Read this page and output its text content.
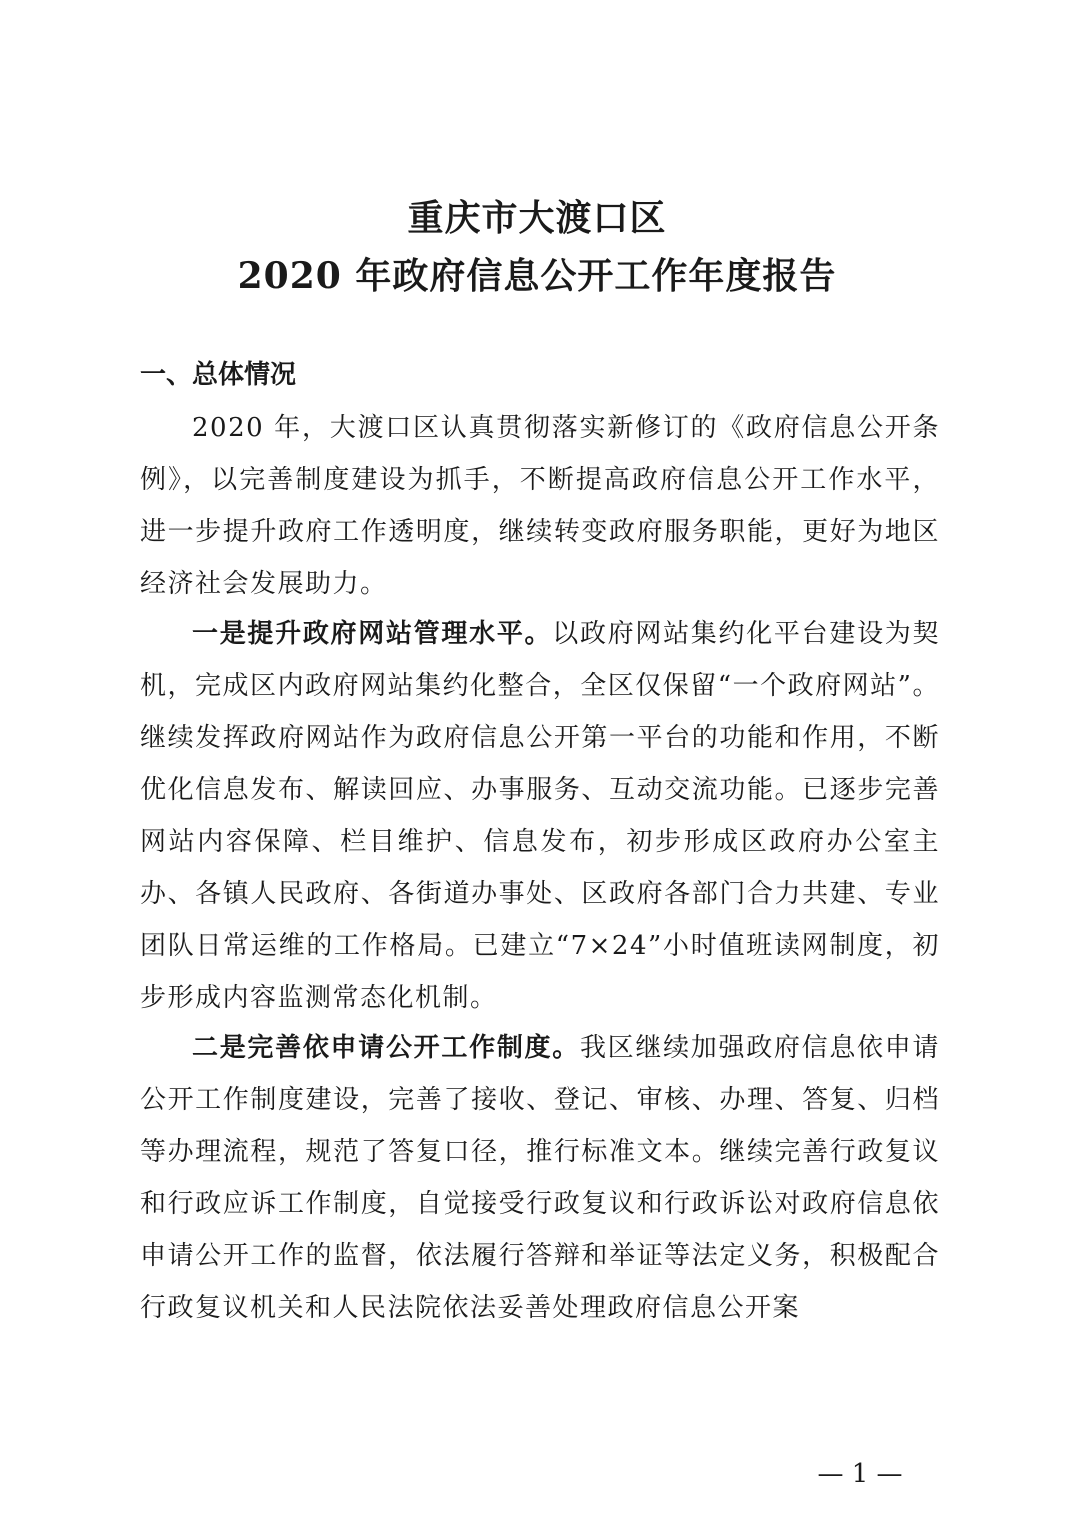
重庆市大渡口区
2020 年政府信息公开工作年度报告
一、总体情况

2020 年，大渡口区认真贯彻落实新修订的《政府信息公开条例》，以完善制度建设为抓手，不断提高政府信息公开工作水平，进一步提升政府工作透明度，继续转变政府服务职能，更好为地区经济社会发展助力。

一是提升政府网站管理水平。以政府网站集约化平台建设为契机，完成区内政府网站集约化整合，全区仅保留“一个政府网站”。继续发挥政府网站作为政府信息公开第一平台的功能和作用，不断优化信息发布、解读回应、办事服务、互动交流功能。已逐步完善网站内容保障、栏目维护、信息发布，初步形成区政府办公室主办、各镇人民政府、各街道办事处、区政府各部门合力共建、专业团队日常运维的工作格局。已建立“7×24”小时值班读网制度，初步形成内容监测常态化机制。

二是完善依申请公开工作制度。我区继续加强政府信息依申请公开工作制度建设，完善了接收、登记、审核、办理、答复、归档等办理流程，规范了答复口径，推行标准文本。继续完善行政复议和行政应诉工作制度，自觉接受行政复议和行政诉讼对政府信息依申请公开工作的监督，依法履行答辩和举证等法定义务，积极配合行政复议机关和人民法院依法妥善处理政府信息公开案

— 1 —
